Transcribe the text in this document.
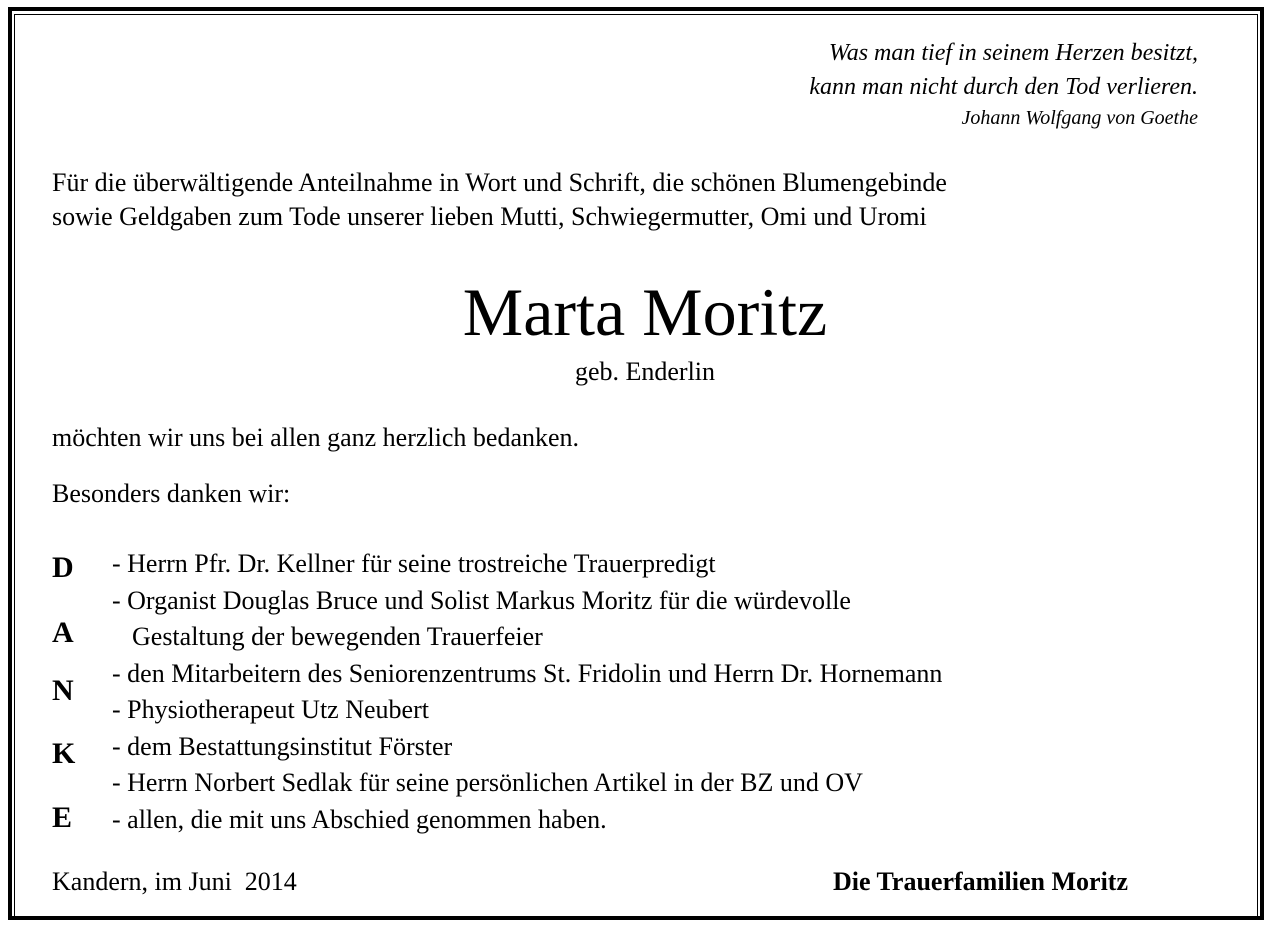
Was man tief in seinem Herzen besitzt,
kann man nicht durch den Tod verlieren.
Johann Wolfgang von Goethe
Für die überwältigende Anteilnahme in Wort und Schrift, die schönen Blumengebinde
sowie Geldgaben zum Tode unserer lieben Mutti, Schwiegermutter, Omi und Uromi
Marta Moritz
geb. Enderlin
möchten wir uns bei allen ganz herzlich bedanken.
Besonders danken wir:
D
A
N
K
E
- Herrn Pfr. Dr. Kellner für seine trostreiche Trauerpredigt
- Organist Douglas Bruce und Solist Markus Moritz für die würdevolle
Gestaltung der bewegenden Trauerfeier
- den Mitarbeitern des Seniorenzentrums St. Fridolin und Herrn Dr. Hornemann
- Physiotherapeut Utz Neubert
- dem Bestattungsinstitut Förster
- Herrn Norbert Sedlak für seine persönlichen Artikel in der BZ und OV
- allen, die mit uns Abschied genommen haben.
Kandern, im Juni  2014	Die Trauerfamilien Moritz
